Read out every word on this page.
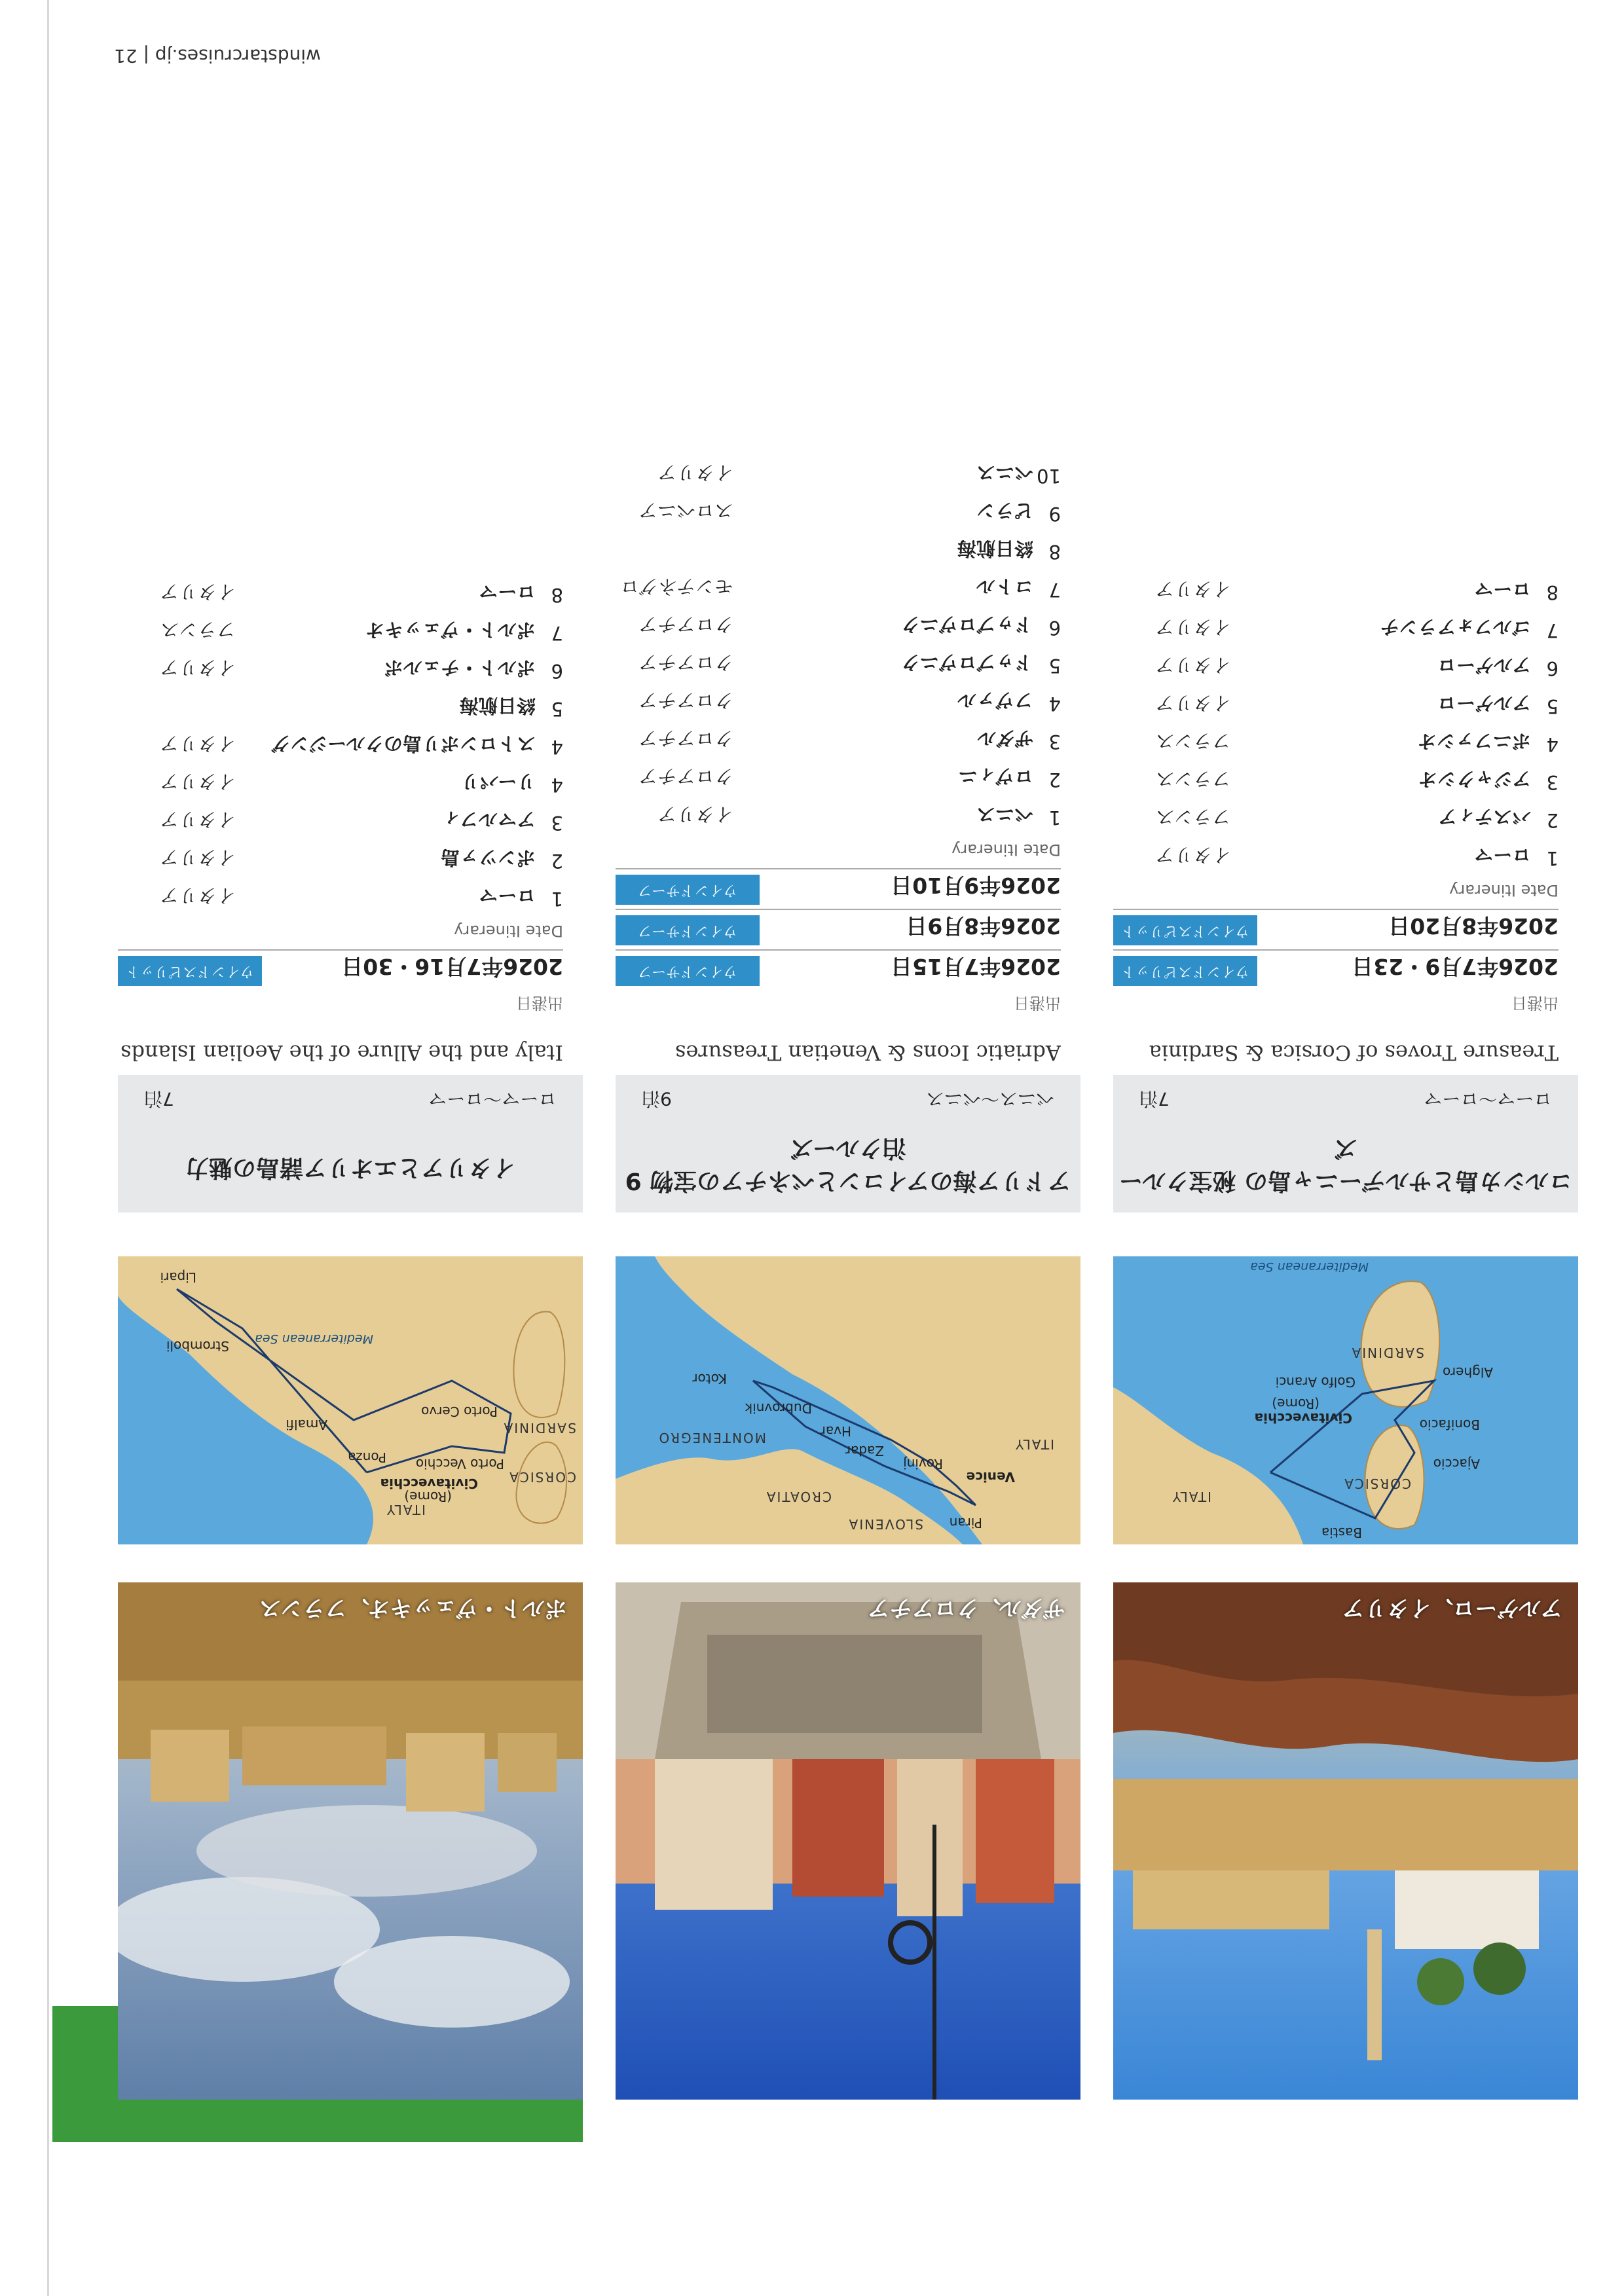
ポルト・ヴェッキオ、フランス
ITALY
CORSICA
SARDINIA
Mediterranean Sea
Civitavecchia
(Rome)
Ponza
Amalfi
Porto Vecchio
Porto Cervo
Stromboli
Lipari
イタリアとエオリア諸島の魅力
ローマ〜ローマ
7泊
Italy and the Allure of the Aeolian Islands
出港日
2026年7月16・30日
ウインドスピリット
Date Itinerary
1
ローマ
イタリア
2
ポンツァ島
イタリア
3
アマルフィ
イタリア
4
リーパリ
イタリア
4
ストロンボリ島のクルージング
イタリア
5
終日航海
6
ポルト・チェルボ
イタリア
7
ポルト・ヴェッキオ
フランス
8
ローマ
イタリア
ザダル、クロアチア
ITALY
SLOVENIA
CROATIA
MONTENEGRO
Venice
Piran
Rovinj
Zadar
Hvar
Dubrovnik
Kotor
アドリア海のアイコンとベネチアの宝物 9泊クルーズ
ベニス〜ベニス
9泊
Adriatic Icons & Venetian Treasures
出港日
2026年7月15日
ウインドサーフ
2026年8月9日
ウインドサーフ
2026年9月10日
ウインドサーフ
Date Itinerary
1
ベニス
イタリア
2
ロヴィニ
クロアチア
3
ザダル
クロアチア
4
フヴァル
クロアチア
5
ドゥブロヴニク
クロアチア
6
ドゥブロヴニク
クロアチア
7
コトル
モンテネグロ
8
終日航海
9
ピラン
スロベニア
10
ベニス
イタリア
アルゲーロ、イタリア
ITALY
CORSICA
SARDINIA
Mediterranean Sea
Bastia
Ajaccio
Bonifacio
Civitavecchia
(Rome)
Golfo Aranci
Alghero
コルシカ島とサルデーニャ島の 秘宝クルーズ
ローマ〜ローマ
7泊
Treasure Troves of Corsica & Sardinia
出港日
2026年7月9・23日
ウインドスピリット
2026年8月20日
ウインドスピリット
Date Itinerary
1
ローマ
イタリア
2
バスティア
フランス
3
アジャクシオ
フランス
4
ボニファシオ
フランス
5
アルゲーロ
イタリア
6
アルゲーロ
イタリア
7
ゴルフォアランチ
イタリア
8
ローマ
イタリア
windstarcruises.jp | 21
